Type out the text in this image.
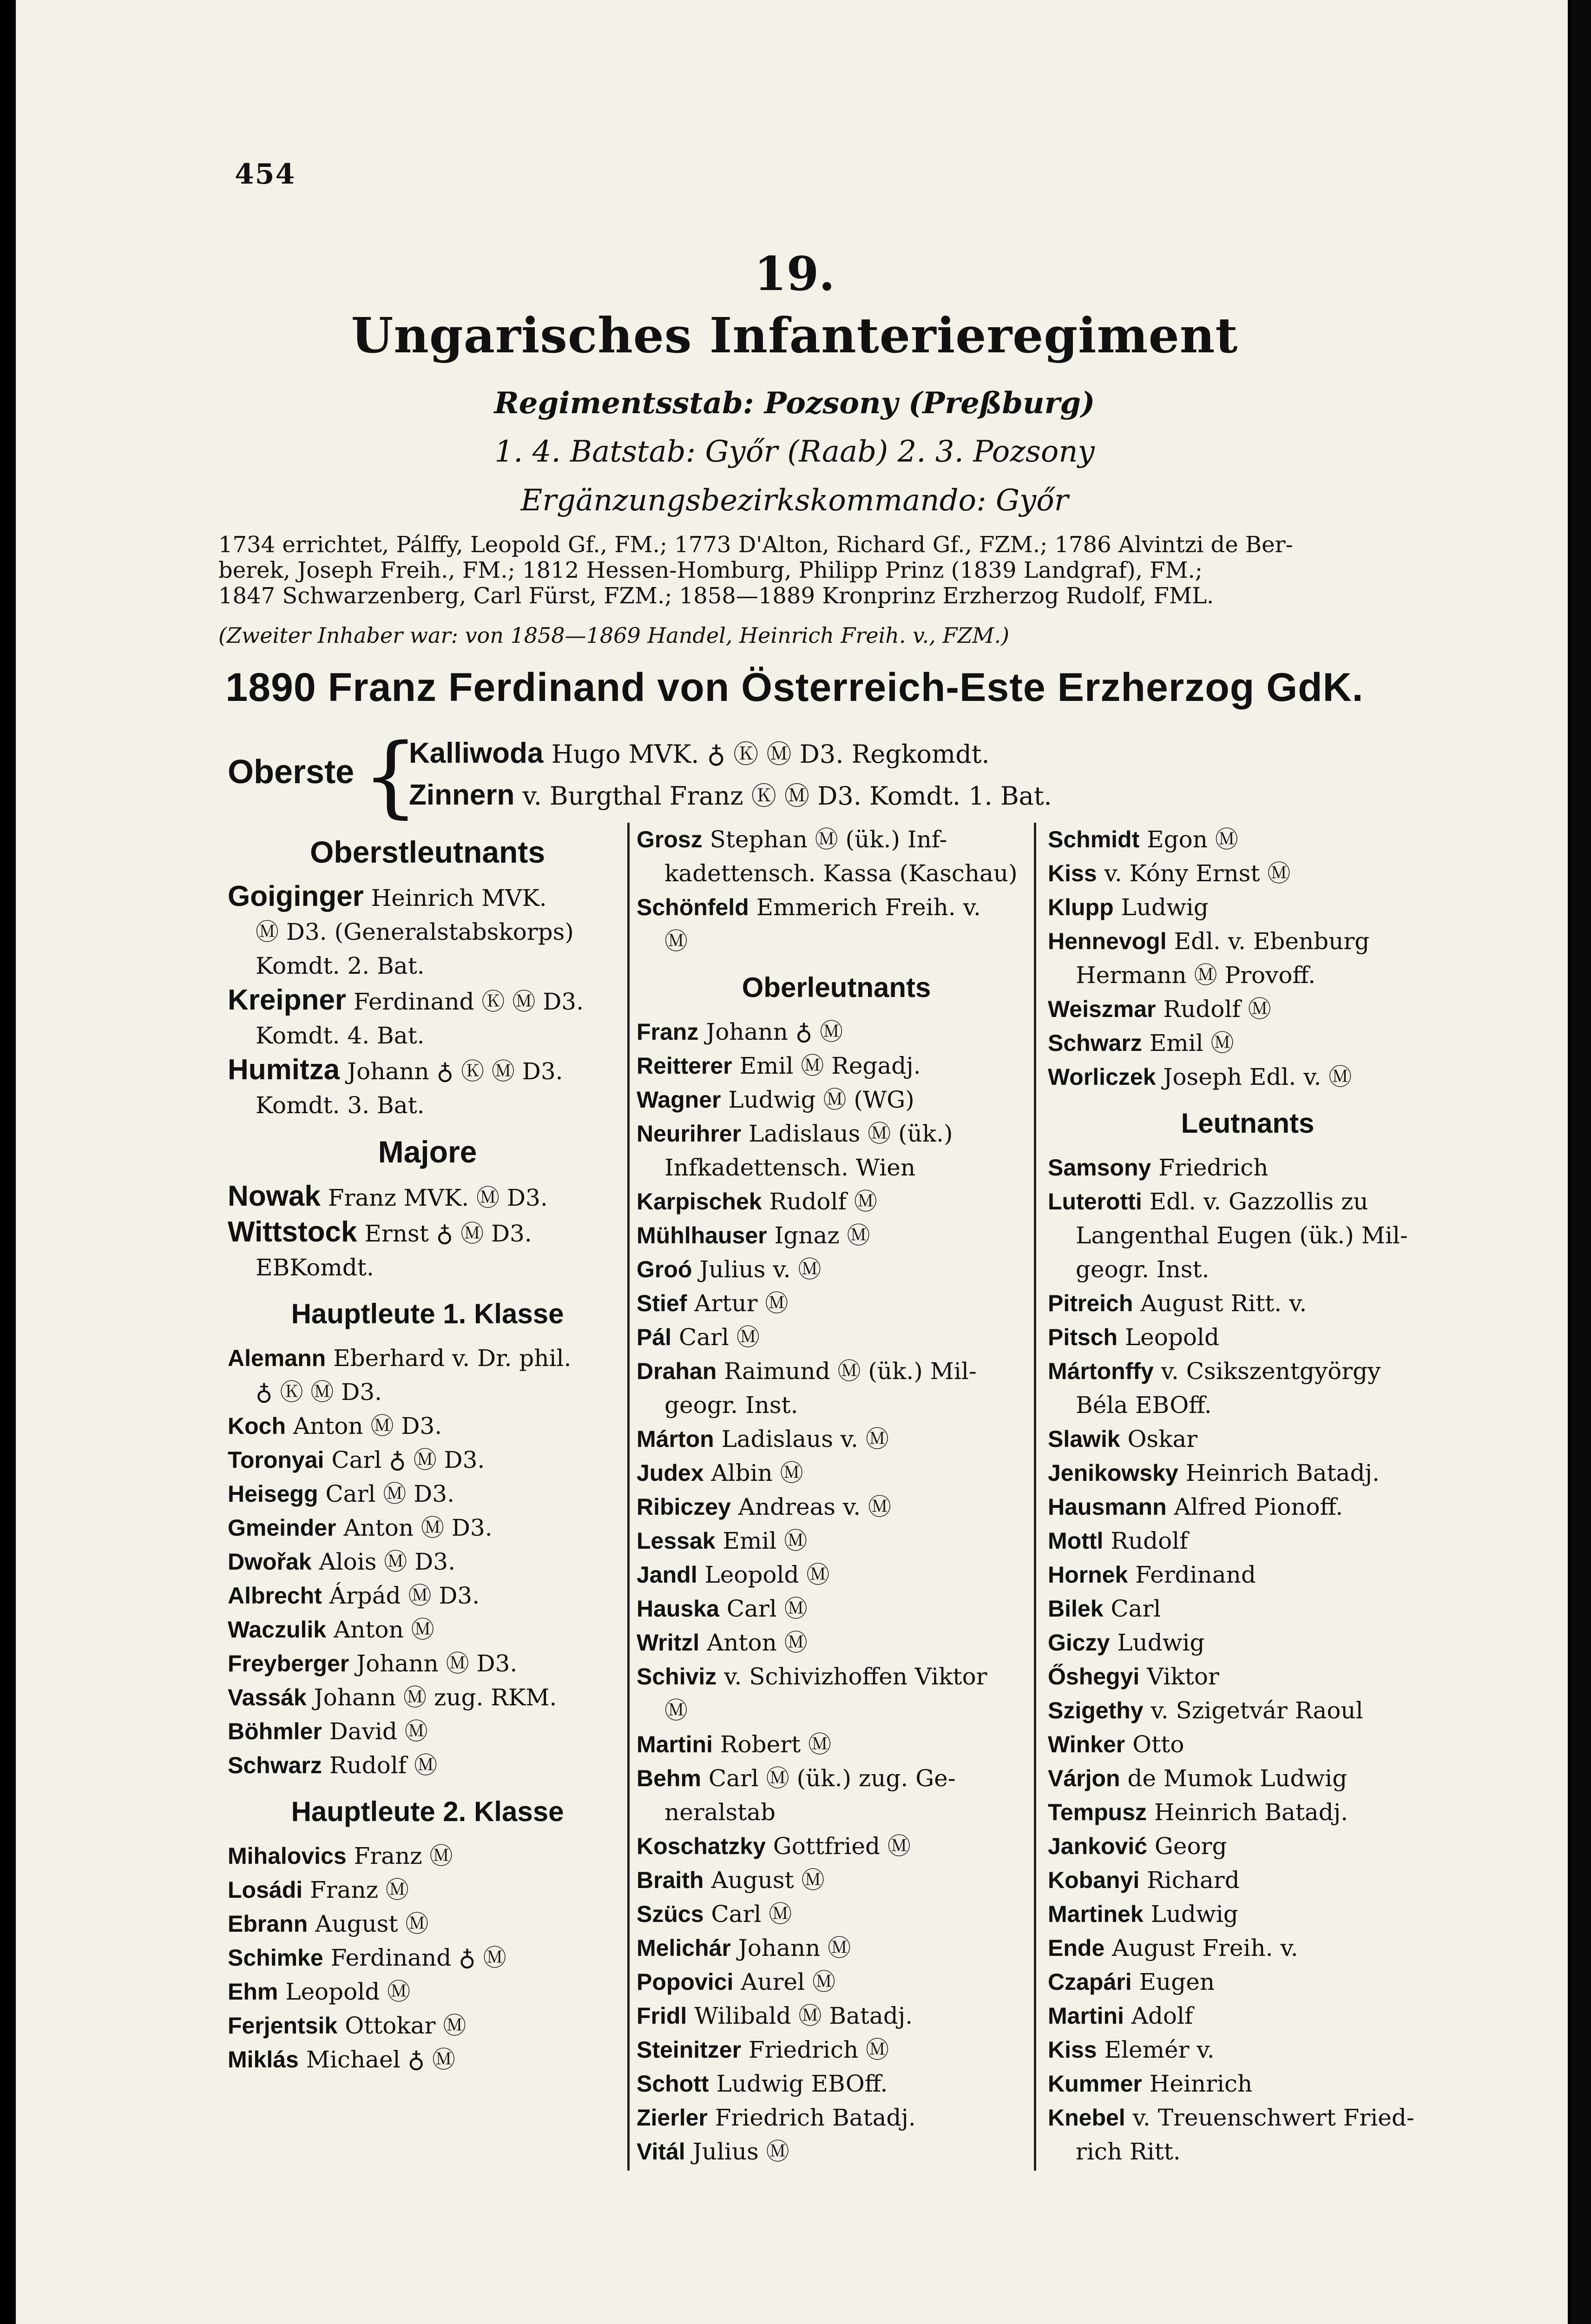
454
19.
Ungarisches Infanterieregiment
Regimentsstab: Pozsony (Preßburg)
1. 4. Batstab: Győr (Raab) 2. 3. Pozsony
Ergänzungsbezirkskommando: Győr
1734 errichtet, Pálffy, Leopold Gf., FM.; 1773 D'Alton, Richard Gf., FZM.; 1786 Alvintzi de Ber-
berek, Joseph Freih., FM.; 1812 Hessen-Homburg, Philipp Prinz (1839 Landgraf), FM.;
1847 Schwarzenberg, Carl Fürst, FZM.; 1858—1889 Kronprinz Erzherzog Rudolf, FML.
(Zweiter Inhaber war: von 1858—1869 Handel, Heinrich Freih. v., FZM.)
1890 Franz Ferdinand von Österreich-Este Erzherzog GdK.
Oberste {
Kalliwoda Hugo MVK. ♁ Ⓚ Ⓜ D3. Regkomdt.
Zinnern v. Burgthal Franz Ⓚ Ⓜ D3. Komdt. 1. Bat.
Oberstleutnants
Goiginger Heinrich MVK.
Ⓜ D3. (Generalstabskorps)
Komdt. 2. Bat.
Kreipner Ferdinand Ⓚ Ⓜ D3.
Komdt. 4. Bat.
Humitza Johann ♁ Ⓚ Ⓜ D3.
Komdt. 3. Bat.
Majore
Nowak Franz MVK. Ⓜ D3.
Wittstock Ernst ♁ Ⓜ D3.
EBKomdt.
Hauptleute 1. Klasse
Alemann Eberhard v. Dr. phil.
♁ Ⓚ Ⓜ D3.
Koch Anton Ⓜ D3.
Toronyai Carl ♁ Ⓜ D3.
Heisegg Carl Ⓜ D3.
Gmeinder Anton Ⓜ D3.
Dwořak Alois Ⓜ D3.
Albrecht Árpád Ⓜ D3.
Waczulik Anton Ⓜ
Freyberger Johann Ⓜ D3.
Vassák Johann Ⓜ zug. RKM.
Böhmler David Ⓜ
Schwarz Rudolf Ⓜ
Hauptleute 2. Klasse
Mihalovics Franz Ⓜ
Losádi Franz Ⓜ
Ebrann August Ⓜ
Schimke Ferdinand ♁ Ⓜ
Ehm Leopold Ⓜ
Ferjentsik Ottokar Ⓜ
Miklás Michael ♁ Ⓜ
Grosz Stephan Ⓜ (ük.) Inf-
kadettensch. Kassa (Kaschau)
Schönfeld Emmerich Freih. v.
Ⓜ
Oberleutnants
Franz Johann ♁ Ⓜ
Reitterer Emil Ⓜ Regadj.
Wagner Ludwig Ⓜ (WG)
Neurihrer Ladislaus Ⓜ (ük.)
Infkadettensch. Wien
Karpischek Rudolf Ⓜ
Mühlhauser Ignaz Ⓜ
Groó Julius v. Ⓜ
Stief Artur Ⓜ
Pál Carl Ⓜ
Drahan Raimund Ⓜ (ük.) Mil-
geogr. Inst.
Márton Ladislaus v. Ⓜ
Judex Albin Ⓜ
Ribiczey Andreas v. Ⓜ
Lessak Emil Ⓜ
Jandl Leopold Ⓜ
Hauska Carl Ⓜ
Writzl Anton Ⓜ
Schiviz v. Schivizhoffen Viktor
Ⓜ
Martini Robert Ⓜ
Behm Carl Ⓜ (ük.) zug. Ge-
neralstab
Koschatzky Gottfried Ⓜ
Braith August Ⓜ
Szücs Carl Ⓜ
Melichár Johann Ⓜ
Popovici Aurel Ⓜ
Fridl Wilibald Ⓜ Batadj.
Steinitzer Friedrich Ⓜ
Schott Ludwig EBOff.
Zierler Friedrich Batadj.
Vitál Julius Ⓜ
Schmidt Egon Ⓜ
Kiss v. Kóny Ernst Ⓜ
Klupp Ludwig
Hennevogl Edl. v. Ebenburg
Hermann Ⓜ Provoff.
Weiszmar Rudolf Ⓜ
Schwarz Emil Ⓜ
Worliczek Joseph Edl. v. Ⓜ
Leutnants
Samsony Friedrich
Luterotti Edl. v. Gazzollis zu
Langenthal Eugen (ük.) Mil-
geogr. Inst.
Pitreich August Ritt. v.
Pitsch Leopold
Mártonffy v. Csikszentgyörgy
Béla EBOff.
Slawik Oskar
Jenikowsky Heinrich Batadj.
Hausmann Alfred Pionoff.
Mottl Rudolf
Hornek Ferdinand
Bilek Carl
Giczy Ludwig
Őshegyi Viktor
Szigethy v. Szigetvár Raoul
Winker Otto
Várjon de Mumok Ludwig
Tempusz Heinrich Batadj.
Janković Georg
Kobanyi Richard
Martinek Ludwig
Ende August Freih. v.
Czapári Eugen
Martini Adolf
Kiss Elemér v.
Kummer Heinrich
Knebel v. Treuenschwert Fried-
rich Ritt.
